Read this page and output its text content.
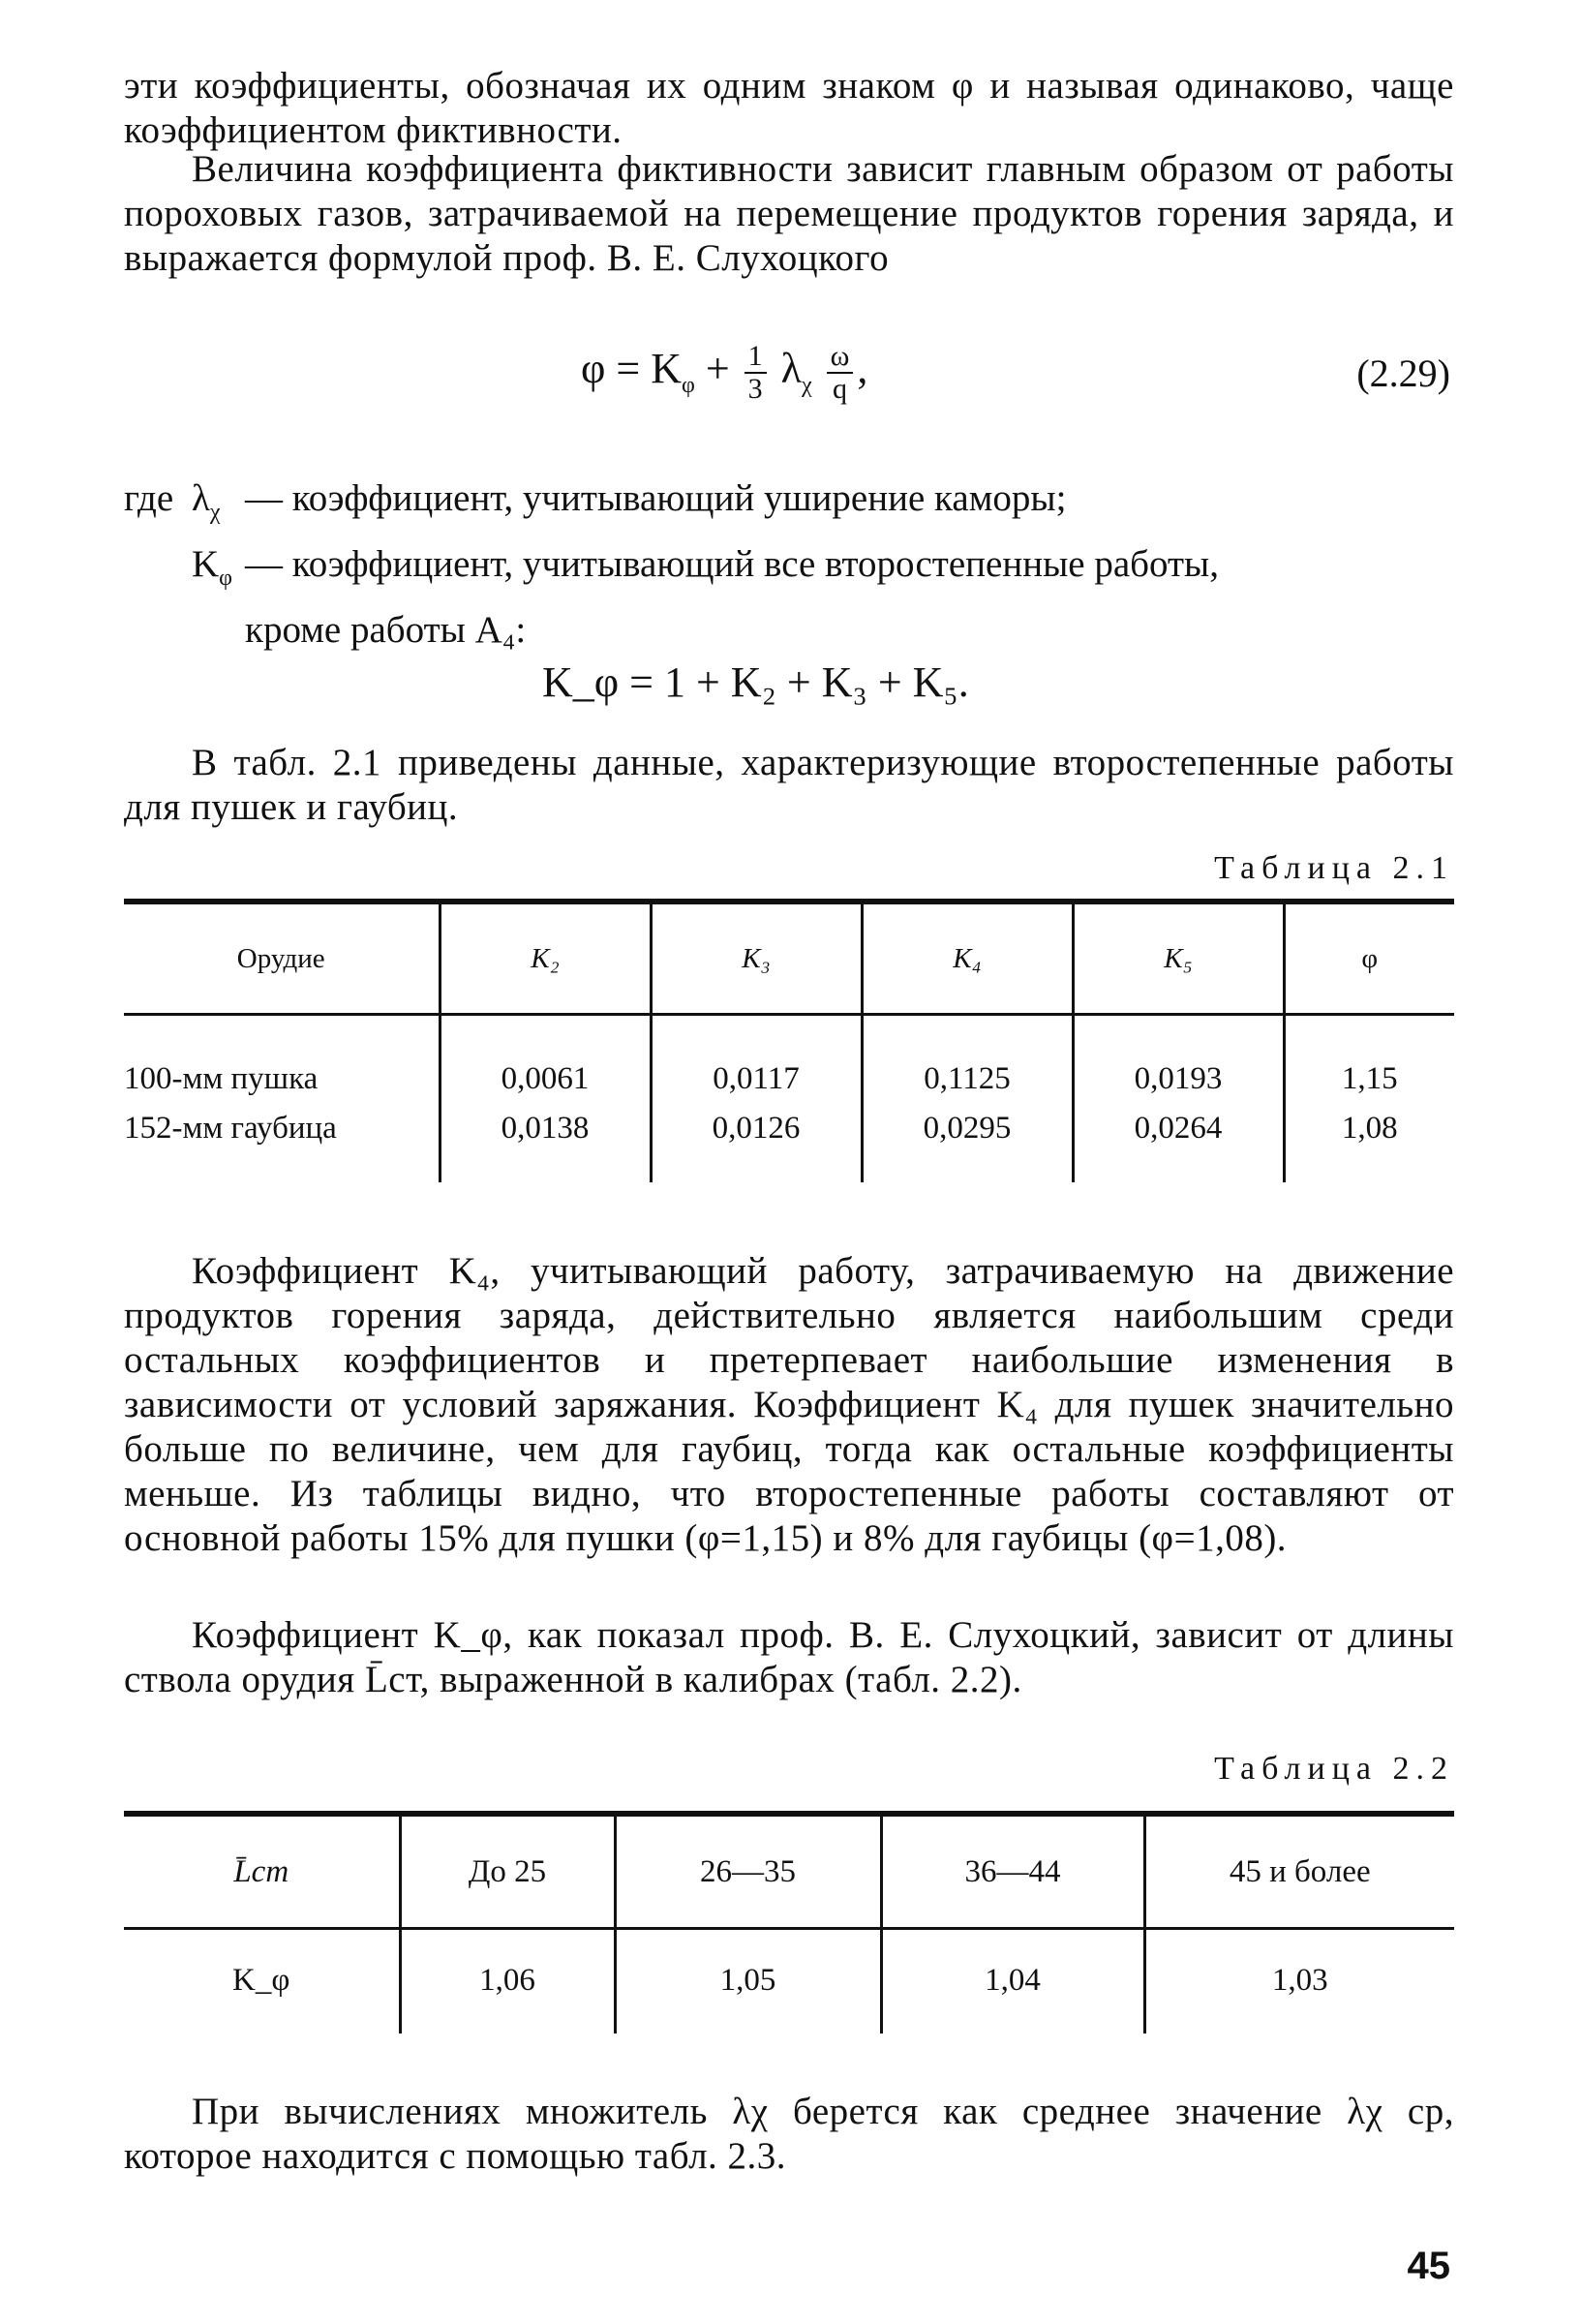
эти коэффициенты, обозначая их одним знаком φ и называя одинаково, чаще коэффициентом фиктивности.

Величина коэффициента фиктивности зависит главным образом от работы пороховых газов, затрачиваемой на перемещение продуктов горения заряда, и выражается формулой проф. В. Е. Слухоцкого

$\varphi = K_\varphi + \frac{1}{3} \lambda_\chi \frac{\omega}{q}$ ,	(2.29)
где $\lambda_\chi$ — коэффициент, учитывающий уширение каморы;
$K_\varphi$ — коэффициент, учитывающий все второстепенные работы,
кроме работы A₄:
K_φ = 1 + K₂ + K₃ + K₅.

В табл. 2.1 приведены данные, характеризующие второстепенные работы для пушек и гаубиц.

Таблица 2.1
Орудие	K₂	K₃	K₄	K₅	φ
100-мм пушка	0,0061	0,0117	0,1125	0,0193	1,15
152-мм гаубица	0,0138	0,0126	0,0295	0,0264	1,08

Коэффициент K₄, учитывающий работу, затрачиваемую на движение продуктов горения заряда, действительно является наибольшим среди остальных коэффициентов и претерпевает наибольшие изменения в зависимости от условий заряжания. Коэффициент K₄ для пушек значительно больше по величине, чем для гаубиц, тогда как остальные коэффициенты меньше. Из таблицы видно, что второстепенные работы составляют от основной работы 15% для пушки (φ=1,15) и 8% для гаубицы (φ=1,08).

Коэффициент K_φ, как показал проф. В. Е. Слухоцкий, зависит от длины ствола орудия L̄ст, выраженной в калибрах (табл. 2.2).

Таблица 2.2
L̄ст	До 25	26—35	36—44	45 и более
K_φ	1,06	1,05	1,04	1,03

При вычислениях множитель λχ берется как среднее значение λχ ср, которое находится с помощью табл. 2.3.

45
